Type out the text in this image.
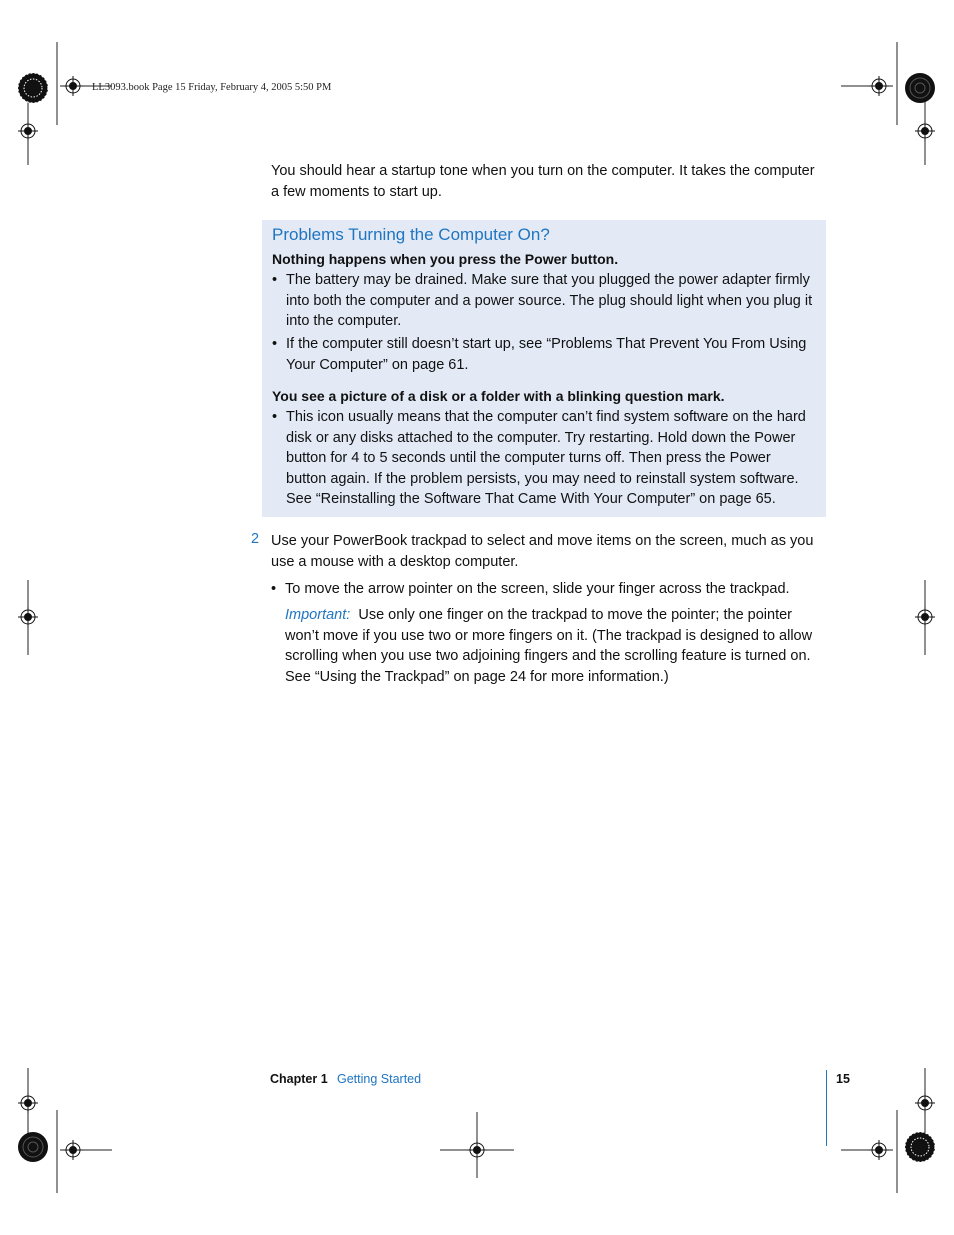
LL3093.book Page 15 Friday, February 4, 2005 5:50 PM
You should hear a startup tone when you turn on the computer. It takes the computer a few moments to start up.
Problems Turning the Computer On?
Nothing happens when you press the Power button.
• The battery may be drained. Make sure that you plugged the power adapter firmly into both the computer and a power source. The plug should light when you plug it into the computer.
• If the computer still doesn’t start up, see “Problems That Prevent You From Using Your Computer” on page 61.
You see a picture of a disk or a folder with a blinking question mark.
• This icon usually means that the computer can’t find system software on the hard disk or any disks attached to the computer. Try restarting. Hold down the Power button for 4 to 5 seconds until the computer turns off. Then press the Power button again. If the problem persists, you may need to reinstall system software. See “Reinstalling the Software That Came With Your Computer” on page 65.
2 Use your PowerBook trackpad to select and move items on the screen, much as you use a mouse with a desktop computer.
• To move the arrow pointer on the screen, slide your finger across the trackpad.
Important: Use only one finger on the trackpad to move the pointer; the pointer won’t move if you use two or more fingers on it. (The trackpad is designed to allow scrolling when you use two adjoining fingers and the scrolling feature is turned on. See “Using the Trackpad” on page 24 for more information.)
Chapter 1 Getting Started	15
